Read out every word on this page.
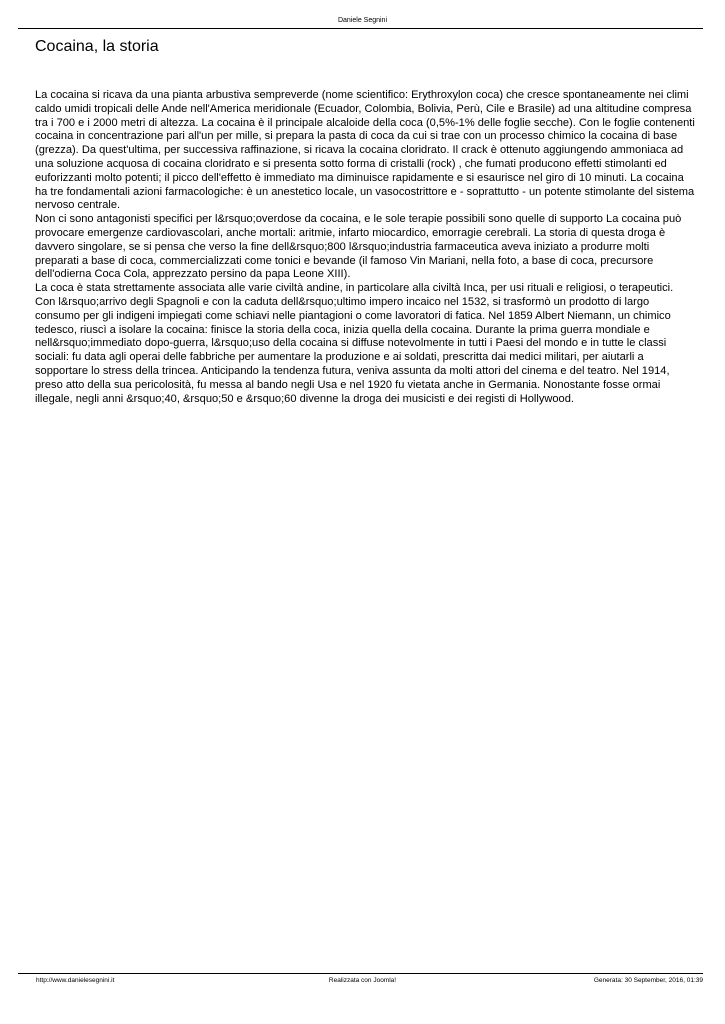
Daniele Segnini
Cocaina, la storia

La cocaina si ricava da una pianta arbustiva sempreverde (nome scientifico: Erythroxylon coca) che cresce spontaneamente nei climi caldo umidi tropicali delle Ande nell'America meridionale (Ecuador, Colombia, Bolivia, Perù, Cile e Brasile) ad una altitudine compresa tra i 700 e i 2000 metri di altezza. La cocaina è il principale alcaloide della coca (0,5%-1% delle foglie secche). Con le foglie contenenti cocaina in concentrazione pari all'un per mille, si prepara la pasta di coca da cui si trae con un processo chimico la cocaina di base (grezza). Da quest'ultima, per successiva raffinazione, si ricava la cocaina cloridrato. Il crack è ottenuto aggiungendo ammoniaca ad una soluzione acquosa di cocaina cloridrato e si presenta sotto forma di cristalli (rock) , che fumati producono effetti stimolanti ed euforizzanti molto potenti; il picco dell'effetto è immediato ma diminuisce rapidamente e si esaurisce nel giro di 10 minuti. La cocaina ha tre fondamentali azioni farmacologiche: è un anestetico locale, un vasocostrittore e - soprattutto - un potente stimolante del sistema nervoso centrale.

Non ci sono antagonisti specifici per l&rsquo;overdose da cocaina, e le sole terapie possibili sono quelle di supporto La cocaina può provocare emergenze cardiovascolari, anche mortali: aritmie, infarto miocardico, emorragie cerebrali. La storia di questa droga è davvero singolare, se si pensa che verso la fine dell&rsquo;800 l&rsquo;industria farmaceutica aveva iniziato a produrre molti preparati a base di coca, commercializzati come tonici e bevande (il famoso Vin Mariani, nella foto, a base di coca, precursore dell'odierna Coca Cola, apprezzato persino da papa Leone XIII).

La coca è stata strettamente associata alle varie civiltà andine, in particolare alla civiltà Inca, per usi rituali e religiosi, o terapeutici. Con l&rsquo;arrivo degli Spagnoli e con la caduta dell&rsquo;ultimo impero incaico nel 1532, si trasformò un prodotto di largo consumo per gli indigeni impiegati come schiavi nelle piantagioni o come lavoratori di fatica. Nel 1859 Albert Niemann, un chimico tedesco, riuscì a isolare la cocaina: finisce la storia della coca, inizia quella della cocaina. Durante la prima guerra mondiale e nell&rsquo;immediato dopo-guerra, l&rsquo;uso della cocaina si diffuse notevolmente in tutti i Paesi del mondo e in tutte le classi sociali: fu data agli operai delle fabbriche per aumentare la produzione e ai soldati, prescritta dai medici militari, per aiutarli a sopportare lo stress della trincea. Anticipando la tendenza futura, veniva assunta da molti attori del cinema e del teatro. Nel 1914, preso atto della sua pericolosità, fu messa al bando negli Usa e nel 1920 fu vietata anche in Germania. Nonostante fosse ormai illegale, negli anni &rsquo;40, &rsquo;50 e &rsquo;60 divenne la droga dei musicisti e dei registi di Hollywood.

Realizzata con Joomla!
http://www.danielesegnini.it	Generata: 30 September, 2016, 01:39
